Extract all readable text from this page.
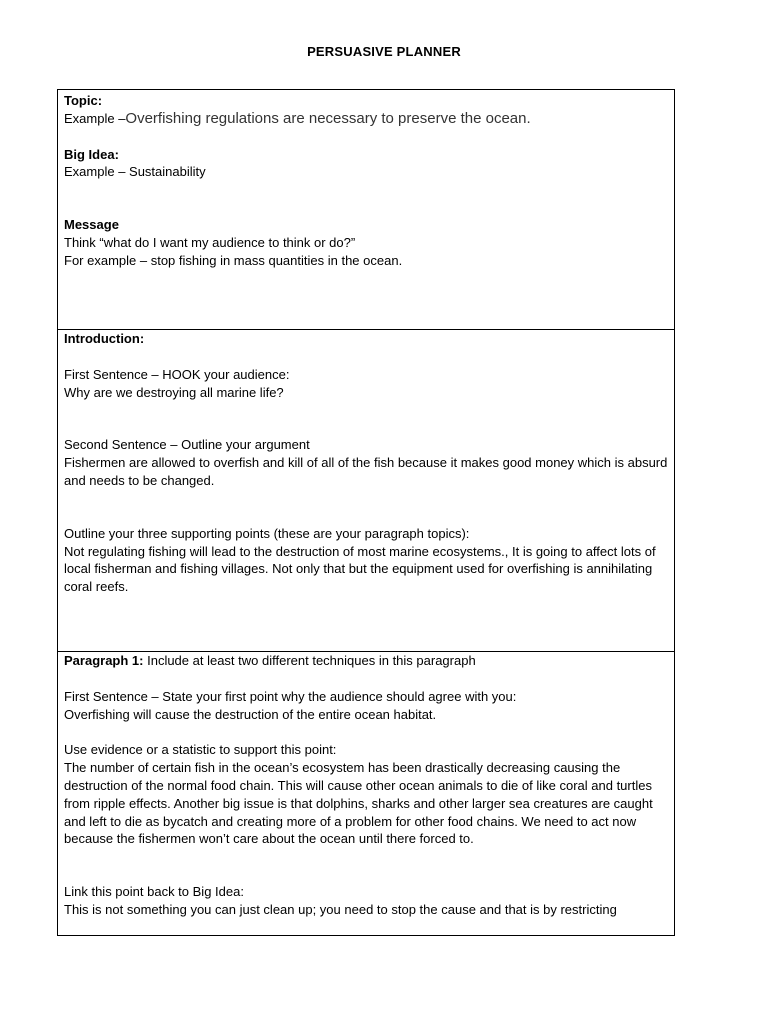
PERSUASIVE PLANNER

Topic:

Example –Overfishing regulations are necessary to preserve the ocean.

Big Idea:

Example – Sustainability

Message

Think “what do I want my audience to think or do?”

For example – stop fishing in mass quantities in the ocean.

Introduction:

First Sentence – HOOK your audience:

Why are we destroying all marine life?

Second Sentence – Outline your argument

Fishermen are allowed to overfish and kill of all of the fish because it makes good money which is absurd and needs to be changed.

Outline your three supporting points (these are your paragraph topics):

Not regulating fishing will lead to the destruction of most marine ecosystems., It is going to affect lots of local fisherman and fishing villages. Not only that but the equipment used for overfishing is annihilating coral reefs.

Paragraph 1: Include at least two different techniques in this paragraph

First Sentence – State your first point why the audience should agree with you:

Overfishing will cause the destruction of the entire ocean habitat.

Use evidence or a statistic to support this point:

The number of certain fish in the ocean’s ecosystem has been drastically decreasing causing the destruction of the normal food chain. This will cause other ocean animals to die of like coral and turtles from ripple effects. Another big issue is that dolphins, sharks and other larger sea creatures are caught and left to die as bycatch and creating more of a problem for other food chains. We need to act now because the fishermen won’t care about the ocean until there forced to.

Link this point back to Big Idea:

This is not something you can just clean up; you need to stop the cause and that is by restricting
